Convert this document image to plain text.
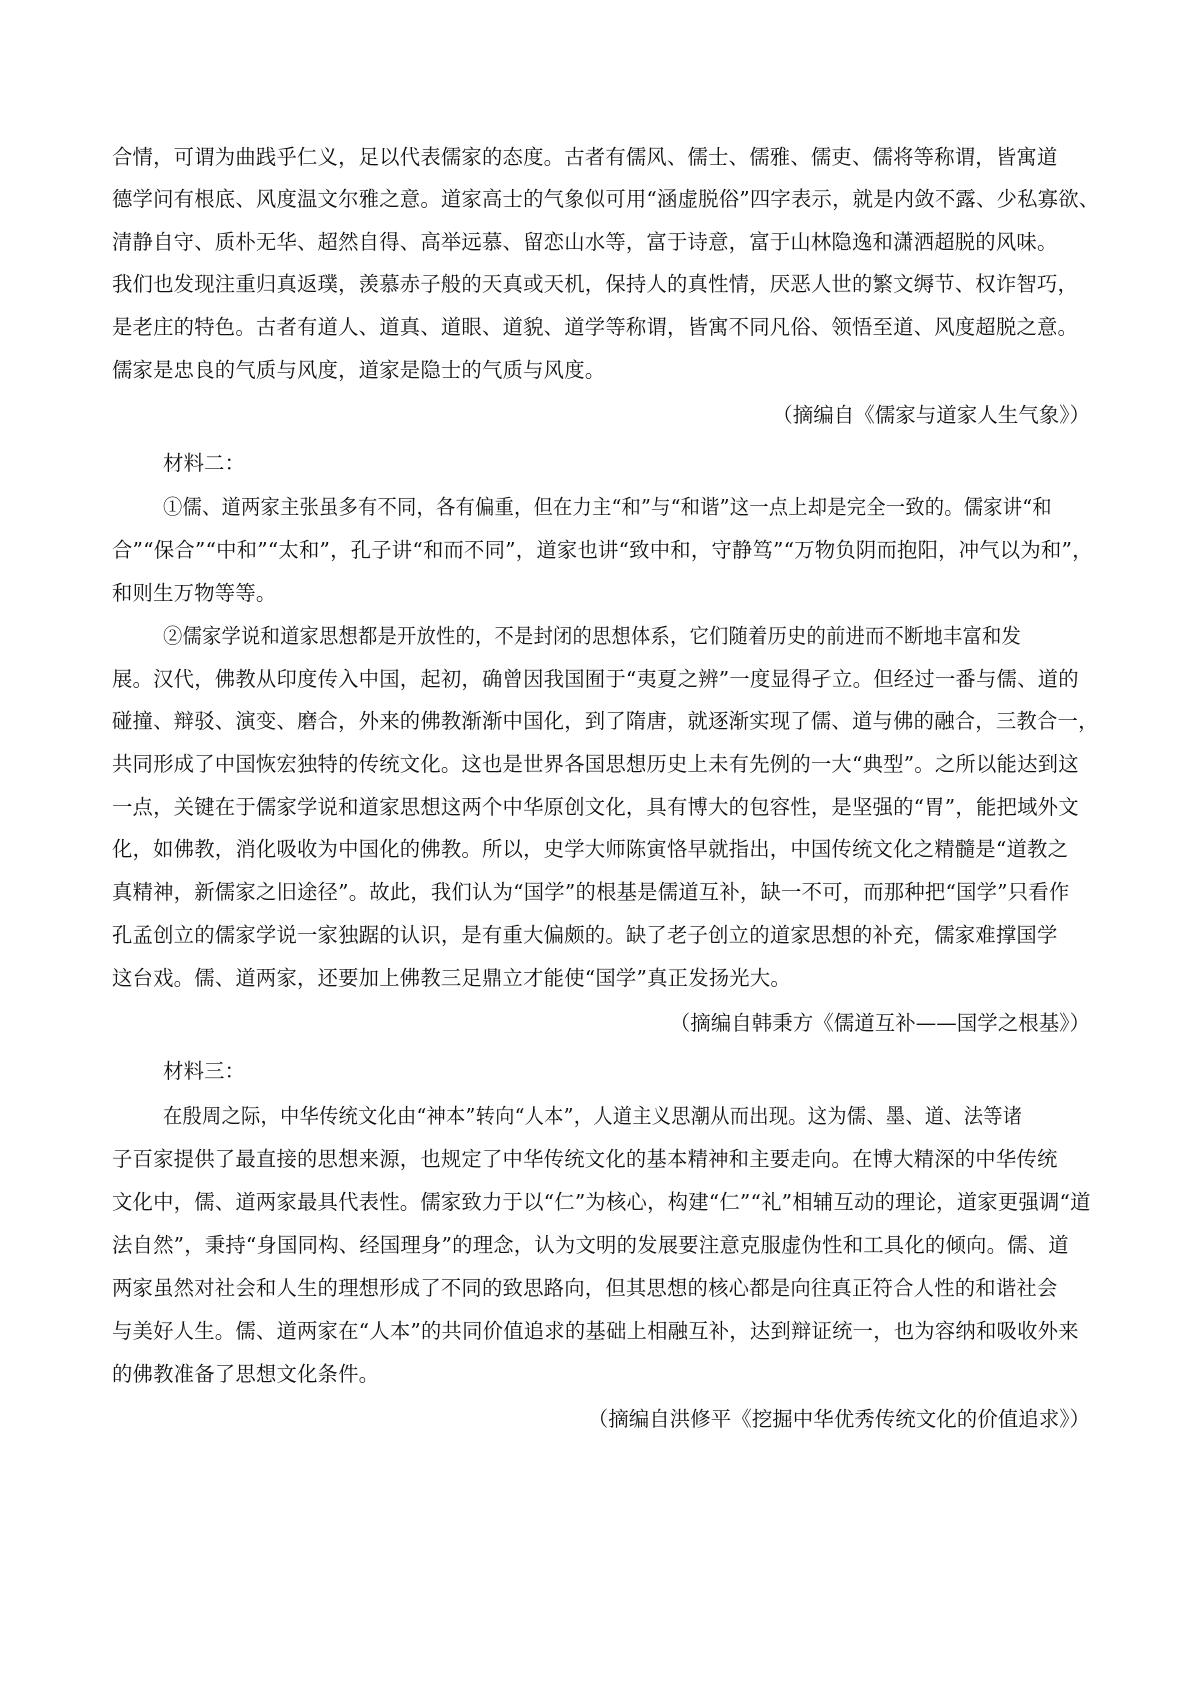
合情，可谓为曲践乎仁义，足以代表儒家的态度。古者有儒风、儒士、儒雅、儒吏、儒将等称谓，皆寓道
德学问有根底、风度温文尔雅之意。道家高士的气象似可用“涵虚脱俗”四字表示，就是内敛不露、少私寡欲、
清静自守、质朴无华、超然自得、高举远慕、留恋山水等，富于诗意，富于山林隐逸和潇洒超脱的风味。
我们也发现注重归真返璞，羡慕赤子般的天真或天机，保持人的真性情，厌恶人世的繁文缛节、权诈智巧，
是老庄的特色。古者有道人、道真、道眼、道貌、道学等称谓，皆寓不同凡俗、领悟至道、风度超脱之意。
儒家是忠良的气质与风度，道家是隐士的气质与风度。
（摘编自《儒家与道家人生气象》）
材料二：
①儒、道两家主张虽多有不同，各有偏重，但在力主“和”与“和谐”这一点上却是完全一致的。儒家讲“和
合”“保合”“中和”“太和”，孔子讲“和而不同”，道家也讲“致中和，守静笃”“万物负阴而抱阳，冲气以为和”，
和则生万物等等。
②儒家学说和道家思想都是开放性的，不是封闭的思想体系，它们随着历史的前进而不断地丰富和发
展。汉代，佛教从印度传入中国，起初，确曾因我国囿于“夷夏之辨”一度显得孑立。但经过一番与儒、道的
碰撞、辩驳、演变、磨合，外来的佛教渐渐中国化，到了隋唐，就逐渐实现了儒、道与佛的融合，三教合一，
共同形成了中国恢宏独特的传统文化。这也是世界各国思想历史上未有先例的一大“典型”。之所以能达到这
一点，关键在于儒家学说和道家思想这两个中华原创文化，具有博大的包容性，是坚强的“胃”，能把域外文
化，如佛教，消化吸收为中国化的佛教。所以，史学大师陈寅恪早就指出，中国传统文化之精髓是“道教之
真精神，新儒家之旧途径”。故此，我们认为“国学”的根基是儒道互补，缺一不可，而那种把“国学”只看作
孔孟创立的儒家学说一家独踞的认识，是有重大偏颇的。缺了老子创立的道家思想的补充，儒家难撑国学
这台戏。儒、道两家，还要加上佛教三足鼎立才能使“国学”真正发扬光大。
（摘编自韩秉方《儒道互补——国学之根基》）
材料三：
在殷周之际，中华传统文化由“神本”转向“人本”，人道主义思潮从而出现。这为儒、墨、道、法等诸
子百家提供了最直接的思想来源，也规定了中华传统文化的基本精神和主要走向。在博大精深的中华传统
文化中，儒、道两家最具代表性。儒家致力于以“仁”为核心，构建“仁”“礼”相辅互动的理论，道家更强调“道
法自然”，秉持“身国同构、经国理身”的理念，认为文明的发展要注意克服虚伪性和工具化的倾向。儒、道
两家虽然对社会和人生的理想形成了不同的致思路向，但其思想的核心都是向往真正符合人性的和谐社会
与美好人生。儒、道两家在“人本”的共同价值追求的基础上相融互补，达到辩证统一，也为容纳和吸收外来
的佛教准备了思想文化条件。
（摘编自洪修平《挖掘中华优秀传统文化的价值追求》）
